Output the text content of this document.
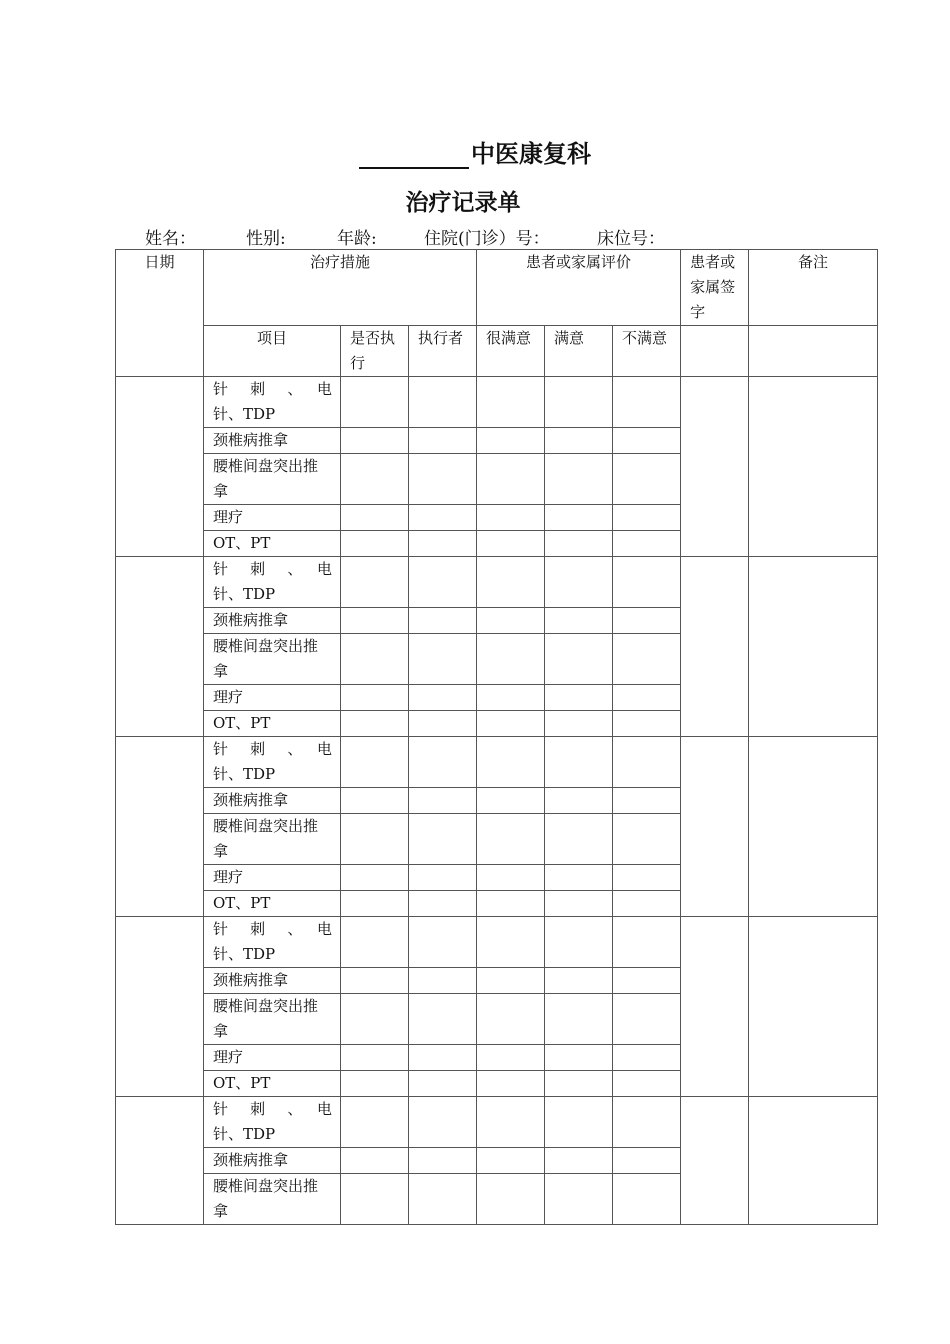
中医康复科
治疗记录单
姓名：	性别:	年龄:	住院(门诊）号：	床位号：
日期	治疗措施			患者或家属评价			患者或家属签字	备注
	项目	是否执行	执行者	很满意	满意	不满意		

	针　刺　、　电
针、TDP							
	颈椎病推拿							
	腰椎间盘突出推拿							
	理疗							
	OT、PT							

	针　刺　、　电
针、TDP							
	颈椎病推拿							
	腰椎间盘突出推拿							
	理疗							
	OT、PT							

	针　刺　、　电
针、TDP							
	颈椎病推拿							
	腰椎间盘突出推拿							
	理疗							
	OT、PT							

	针　刺　、　电
针、TDP							
	颈椎病推拿							
	腰椎间盘突出推拿							
	理疗							
	OT、PT							

	针　刺　、　电
针、TDP							
	颈椎病推拿							
	腰椎间盘突出推拿							
